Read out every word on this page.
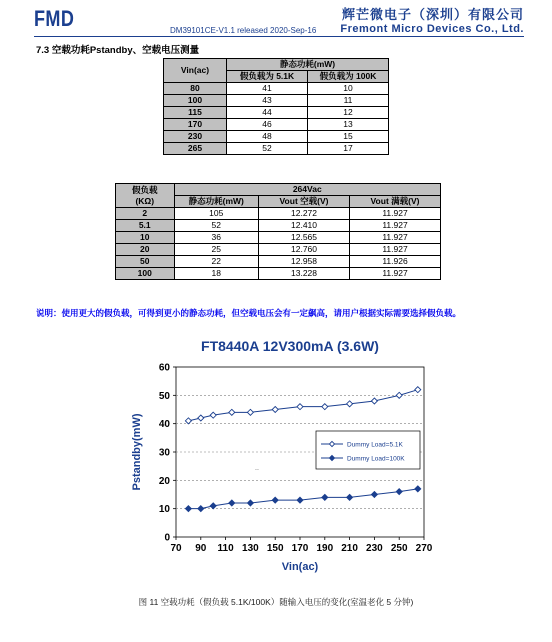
FMD	DM39101CE-V1.1 released 2020-Sep-16
辉芒微电子（深圳）有限公司
Fremont Micro Devices Co., Ltd.
7.3 空载功耗Pstandby、空载电压测量
Vin(ac)	静态功耗(mW)	
	假负载为 5.1K	假负载为 100K
80	41	10
100	43	11
115	44	12
170	46	13
230	48	15
265	52	17
假负载
(KΩ)	264Vac		
	静态功耗(mW)	Vout 空载(V)	Vout 满载(V)
2	105	12.272	11.927
5.1	52	12.410	11.927
10	36	12.565	11.927
20	25	12.760	11.927
50	22	12.958	11.926
100	18	13.228	11.927
说明：使用更大的假负载，可得到更小的静态功耗，但空载电压会有一定飙高，请用户根据实际需要选择假负载。
FT8440A 12V300mA (3.6W)
0
10
20
30
40
50
60
70 90 110 130 150 170 190 210 230 250 270
Pstandby(mW)
Vin(ac)
..
Dummy Load=5.1K
Dummy Load=100K
图 11 空载功耗（假负载 5.1K/100K）随输入电压的变化(室温老化 5 分钟)
